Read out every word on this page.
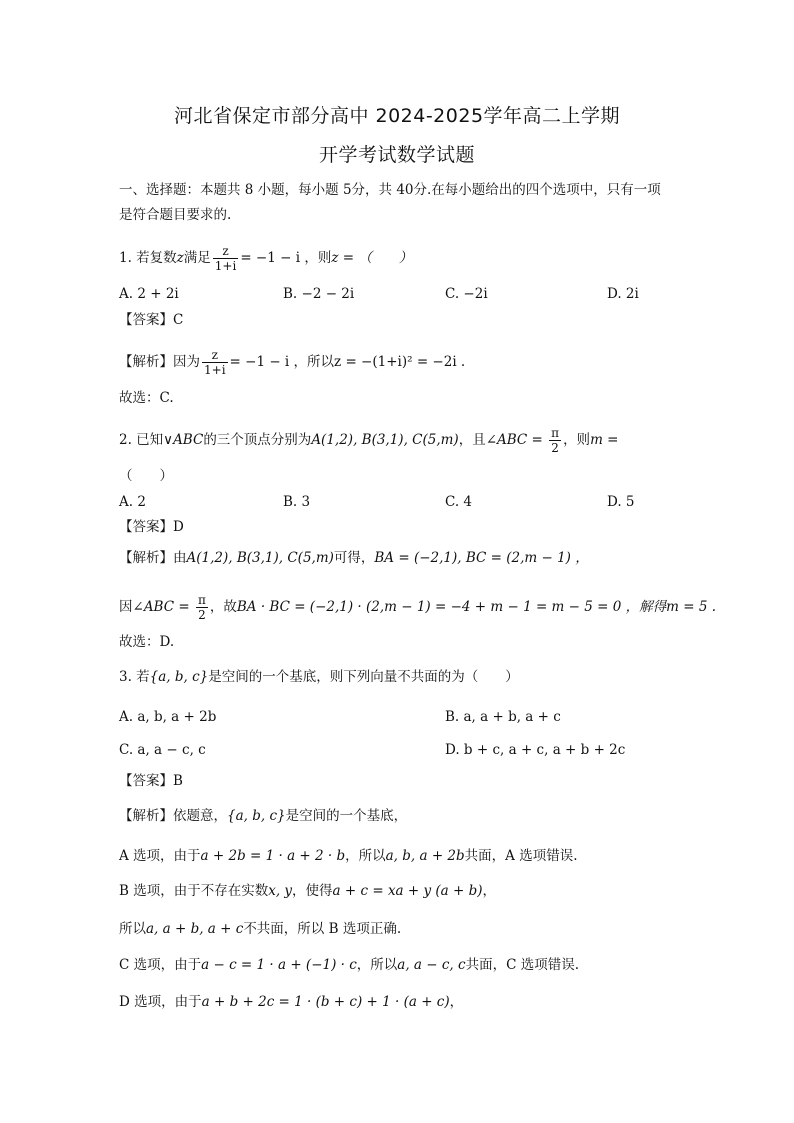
河北省保定市部分高中 2024-2025学年高二上学期
开学考试数学试题
一、选择题：本题共 8 小题，每小题 5分，共 40分.在每小题给出的四个选项中，只有一项
是符合题目要求的.
1. 若复数z满足 $\frac{z}{1+i} = -1 - i$ ，则z = （　　）
A. 2 + 2i	B. −2 − 2i	C. −2i	D. 2i
【答案】C
【解析】因为 $\frac{z}{1+i} = -1 - i$ ，所以z = −(1+i)² = −2i .
故选：C.
2. 已知∨ABC的三个顶点分别为A(1,2), B(3,1), C(5,m)，且∠ABC = $\frac{\pi}{2}$ ，则m =
（　　）
A. 2	B. 3	C. 4	D. 5
【答案】D
【解析】由A(1,2), B(3,1), C(5,m)可得，BA = (−2,1), BC = (2,m − 1) ，
因∠ABC = $\frac{\pi}{2}$ ，故BA · BC = (−2,1) · (2,m − 1) = −4 + m − 1 = m − 5 = 0 ，解得m = 5 .
故选：D.
3. 若{a, b, c}是空间的一个基底，则下列向量不共面的为（　　）
A. a, b, a + 2b	B. a, a + b, a + c
C. a, a − c, c	D. b + c, a + c, a + b + 2c
【答案】B
【解析】依题意，{a, b, c}是空间的一个基底，
A 选项，由于a + 2b = 1 · a + 2 · b，所以a, b, a + 2b共面，A 选项错误.
B 选项，由于不存在实数x, y，使得a + c = xa + y (a + b)，
所以a, a + b, a + c不共面，所以 B 选项正确.
C 选项，由于a − c = 1 · a + (−1) · c，所以a, a − c, c共面，C 选项错误.
D 选项，由于a + b + 2c = 1 · (b + c) + 1 · (a + c)，
